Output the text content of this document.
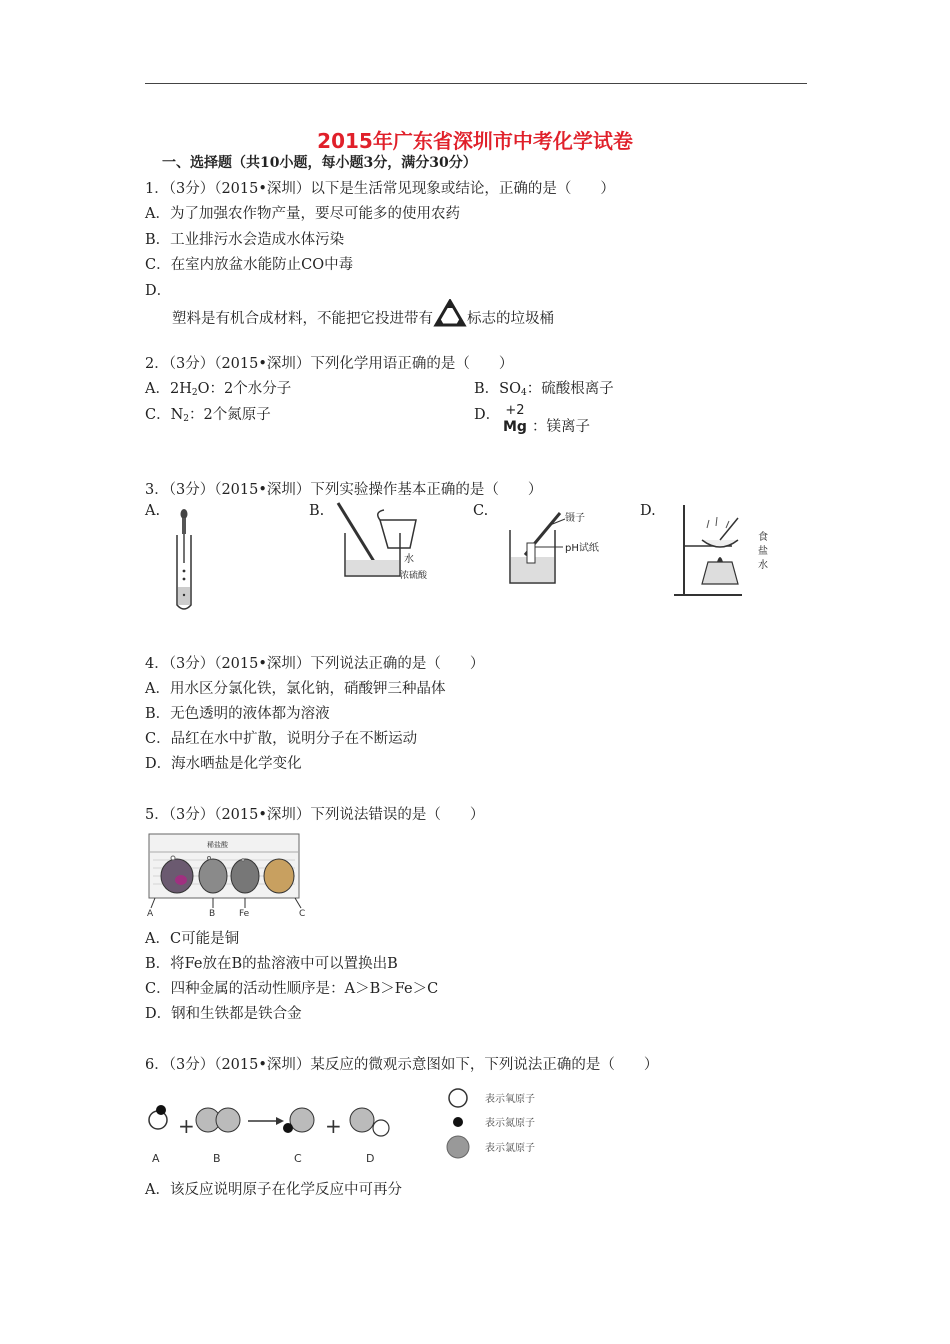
2015年广东省深圳市中考化学试卷
一、选择题（共10小题，每小题3分，满分30分）
1．（3分）（2015•深圳）以下是生活常见现象或结论，正确的是（　　）
A．为了加强农作物产量，要尽可能多的使用农药
B．工业排污水会造成水体污染
C．在室内放盆水能防止CO中毒
D．
塑料是有机合成材料，不能把它投进带有 标志的垃圾桶
2．（3分）（2015•深圳）下列化学用语正确的是（　　）
A．$2H_2O$：2个水分子	B．$SO_4$：硫酸根离子
C．$N_2$：2个氮原子	D． +2
Mg ：镁离子
3．（3分）（2015•深圳）下列实验操作基本正确的是（　　）
A.	B.	C.	D.
水
浓硫酸
镊子
pH试纸
食
盐
水
4．（3分）（2015•深圳）下列说法正确的是（　　）
A．用水区分氯化铁，氯化钠，硝酸钾三种晶体
B．无色透明的液体都为溶液
C．品红在水中扩散，说明分子在不断运动
D．海水晒盐是化学变化
5．（3分）（2015•深圳）下列说法错误的是（　　）
稀盐酸
A	B	Fe	C
A．C可能是铜
B．将Fe放在B的盐溶液中可以置换出B
C．四种金属的活动性顺序是：A＞B＞Fe＞C
D．钢和生铁都是铁合金
6．（3分）（2015•深圳）某反应的微观示意图如下，下列说法正确的是（　　）
+	+
A	B	C	D
表示氧原子
表示氮原子
表示氯原子
A．该反应说明原子在化学反应中可再分
